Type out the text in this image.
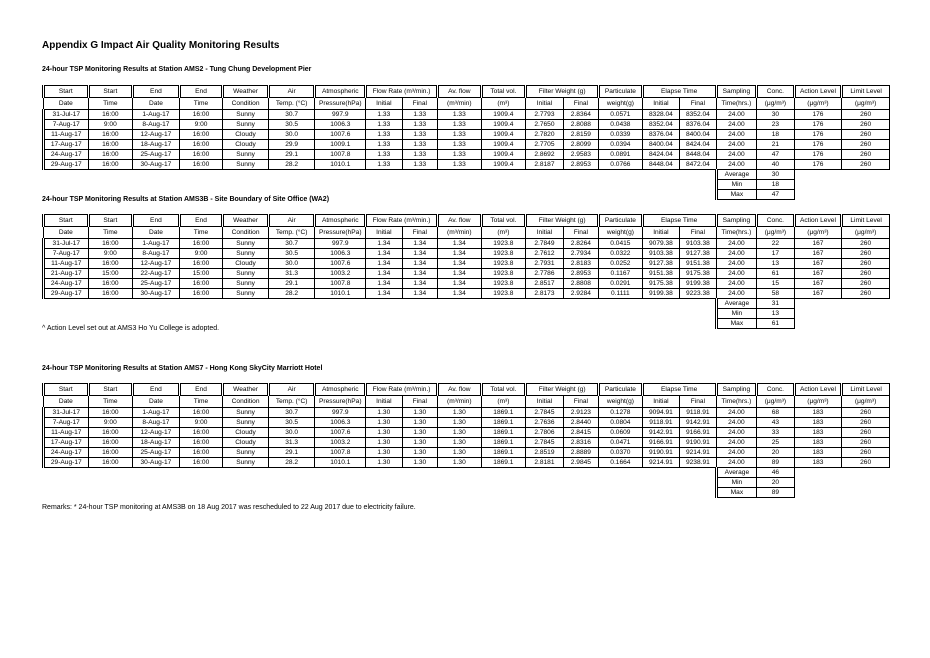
Appendix G Impact Air Quality Monitoring Results

24-hour TSP Monitoring Results at Station AMS2 - Tung Chung Development Pier

Start	Start	End	End	Weather	Air	Atmospheric	Flow Rate (m³/min.)		Av. flow	Total vol.	Filter Weight (g)		Particulate	Elapse Time		Sampling	Conc.	Action Level	Limit Level
Date	Time	Date	Time	Condition	Temp. (°C)	Pressure(hPa)	Initial	Final	(m³/min)	(m³)	Initial	Final	weight(g)	Initial	Final	Time(hrs.)	(μg/m³)	(μg/m³)	(μg/m³)
31-Jul-17	16:00	1-Aug-17	16:00	Sunny	30.7	997.9	1.33	1.33	1.33	1909.4	2.7793	2.8364	0.0571	8328.04	8352.04	24.00	30	176	260
7-Aug-17	9:00	8-Aug-17	9:00	Sunny	30.5	1006.3	1.33	1.33	1.33	1909.4	2.7650	2.8088	0.0438	8352.04	8376.04	24.00	23	176	260
11-Aug-17	16:00	12-Aug-17	16:00	Cloudy	30.0	1007.6	1.33	1.33	1.33	1909.4	2.7820	2.8159	0.0339	8376.04	8400.04	24.00	18	176	260
17-Aug-17	16:00	18-Aug-17	16:00	Cloudy	29.9	1009.1	1.33	1.33	1.33	1909.4	2.7705	2.8099	0.0394	8400.04	8424.04	24.00	21	176	260
24-Aug-17	16:00	25-Aug-17	16:00	Sunny	29.1	1007.8	1.33	1.33	1.33	1909.4	2.8692	2.9583	0.0891	8424.04	8448.04	24.00	47	176	260
29-Aug-17	16:00	30-Aug-17	16:00	Sunny	28.2	1010.1	1.33	1.33	1.33	1909.4	2.8187	2.8953	0.0766	8448.04	8472.04	24.00	40	176	260
																Average	30		
																Min	18		
																Max	47		

24-hour TSP Monitoring Results at Station AMS3B - Site Boundary of Site Office (WA2)

Start	Start	End	End	Weather	Air	Atmospheric	Flow Rate (m³/min.)		Av. flow	Total vol.	Filter Weight (g)		Particulate	Elapse Time		Sampling	Conc.	Action Level	Limit Level
Date	Time	Date	Time	Condition	Temp. (°C)	Pressure(hPa)	Initial	Final	(m³/min)	(m³)	Initial	Final	weight(g)	Initial	Final	Time(hrs.)	(μg/m³)	(μg/m³)	(μg/m³)
31-Jul-17	16:00	1-Aug-17	16:00	Sunny	30.7	997.9	1.34	1.34	1.34	1923.8	2.7849	2.8264	0.0415	9079.38	9103.38	24.00	22	167	260
7-Aug-17	9:00	8-Aug-17	9:00	Sunny	30.5	1006.3	1.34	1.34	1.34	1923.8	2.7612	2.7934	0.0322	9103.38	9127.38	24.00	17	167	260
11-Aug-17	16:00	12-Aug-17	16:00	Cloudy	30.0	1007.6	1.34	1.34	1.34	1923.8	2.7931	2.8183	0.0252	9127.38	9151.38	24.00	13	167	260
21-Aug-17	15:00	22-Aug-17	15:00	Sunny	31.3	1003.2	1.34	1.34	1.34	1923.8	2.7786	2.8953	0.1167	9151.38	9175.38	24.00	61	167	260
24-Aug-17	16:00	25-Aug-17	16:00	Sunny	29.1	1007.8	1.34	1.34	1.34	1923.8	2.8517	2.8808	0.0291	9175.38	9199.38	24.00	15	167	260
29-Aug-17	16:00	30-Aug-17	16:00	Sunny	28.2	1010.1	1.34	1.34	1.34	1923.8	2.8173	2.9284	0.1111	9199.38	9223.38	24.00	58	167	260
																Average	31		
																Min	13		
																Max	61		

^ Action Level set out at AMS3 Ho Yu College is adopted.

24-hour TSP Monitoring Results at Station AMS7 - Hong Kong SkyCity Marriott Hotel

Start	Start	End	End	Weather	Air	Atmospheric	Flow Rate (m³/min.)		Av. flow	Total vol.	Filter Weight (g)		Particulate	Elapse Time		Sampling	Conc.	Action Level	Limit Level
Date	Time	Date	Time	Condition	Temp. (°C)	Pressure(hPa)	Initial	Final	(m³/min)	(m³)	Initial	Final	weight(g)	Initial	Final	Time(hrs.)	(μg/m³)	(μg/m³)	(μg/m³)
31-Jul-17	16:00	1-Aug-17	16:00	Sunny	30.7	997.9	1.30	1.30	1.30	1869.1	2.7845	2.9123	0.1278	9094.91	9118.91	24.00	68	183	260
7-Aug-17	9:00	8-Aug-17	9:00	Sunny	30.5	1006.3	1.30	1.30	1.30	1869.1	2.7636	2.8440	0.0804	9118.91	9142.91	24.00	43	183	260
11-Aug-17	16:00	12-Aug-17	16:00	Cloudy	30.0	1007.6	1.30	1.30	1.30	1869.1	2.7806	2.8415	0.0609	9142.91	9166.91	24.00	33	183	260
17-Aug-17	16:00	18-Aug-17	16:00	Cloudy	31.3	1003.2	1.30	1.30	1.30	1869.1	2.7845	2.8316	0.0471	9166.91	9190.91	24.00	25	183	260
24-Aug-17	16:00	25-Aug-17	16:00	Sunny	29.1	1007.8	1.30	1.30	1.30	1869.1	2.8519	2.8889	0.0370	9190.91	9214.91	24.00	20	183	260
29-Aug-17	16:00	30-Aug-17	16:00	Sunny	28.2	1010.1	1.30	1.30	1.30	1869.1	2.8181	2.9845	0.1664	9214.91	9238.91	24.00	89	183	260
																Average	46		
																Min	20		
																Max	89		

Remarks: * 24-hour TSP monitoring at AMS3B on 18 Aug 2017 was rescheduled to 22 Aug 2017 due to electricity failure.
